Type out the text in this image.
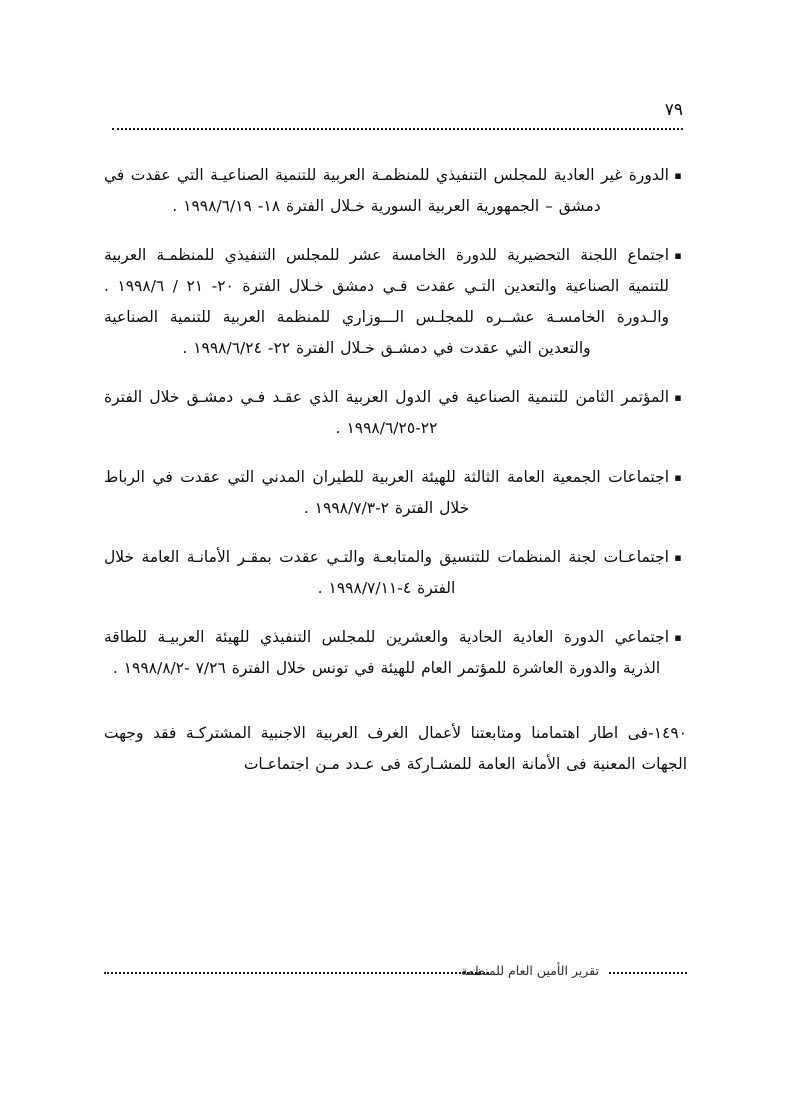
٧٩
▪
الدورة غير العادية للمجلس التنفيذي للمنظمـة العربية للتنمية الصناعيـة التي عقدت في دمشق – الجمهورية العربية السورية خـلال الفترة ١٨- ١٩٩٨/٦/١٩ .
▪
اجتماع اللجنة التحضيرية للدورة الخامسة عشر للمجلس التنفيذي للمنظمـة العربية للتنمية الصناعية والتعدين التـي عقدت فـي دمشق خـلال الفترة ٢٠- ٢١ / ١٩٩٨/٦ . والـدورة الخامسـة عشــره للمجلـس الـــوزاري للمنظمة العربية للتنمية الصناعية والتعدين التي عقدت في دمشـق خـلال الفترة ٢٢- ١٩٩٨/٦/٢٤ .
▪
المؤتمر الثامن للتنمية الصناعية في الدول العربية الذي عقـد فـي دمشـق خلال الفترة ٢٢-١٩٩٨/٦/٢٥ .
▪
اجتماعات الجمعية العامة الثالثة للهيئة العربية للطيران المدني التي عقدت في الرباط خلال الفترة ٢-١٩٩٨/٧/٣ .
▪
اجتماعـات لجنة المنظمات للتنسيق والمتابعـة والتـي عقدت بمقـر الأمانـة العامة خلال الفترة ٤-١٩٩٨/٧/١١ .
▪
اجتماعي الدورة العادية الحادية والعشرين للمجلس التنفيذي للهيئة العربيـة للطاقة الذرية والدورة العاشرة للمؤتمر العام للهيئة في تونس خلال الفترة ٧/٢٦ -١٩٩٨/٨/٢ .
١٤٩٠-فى اطار اهتمامنا ومتابعتنا لأعمال الغرف العربية الاجنبية المشتركـة فقد وجهت الجهات المعنية فى الأمانة العامة للمشـاركة فى عـدد مـن اجتماعـات
تقرير الأمين العام للمنظمة
